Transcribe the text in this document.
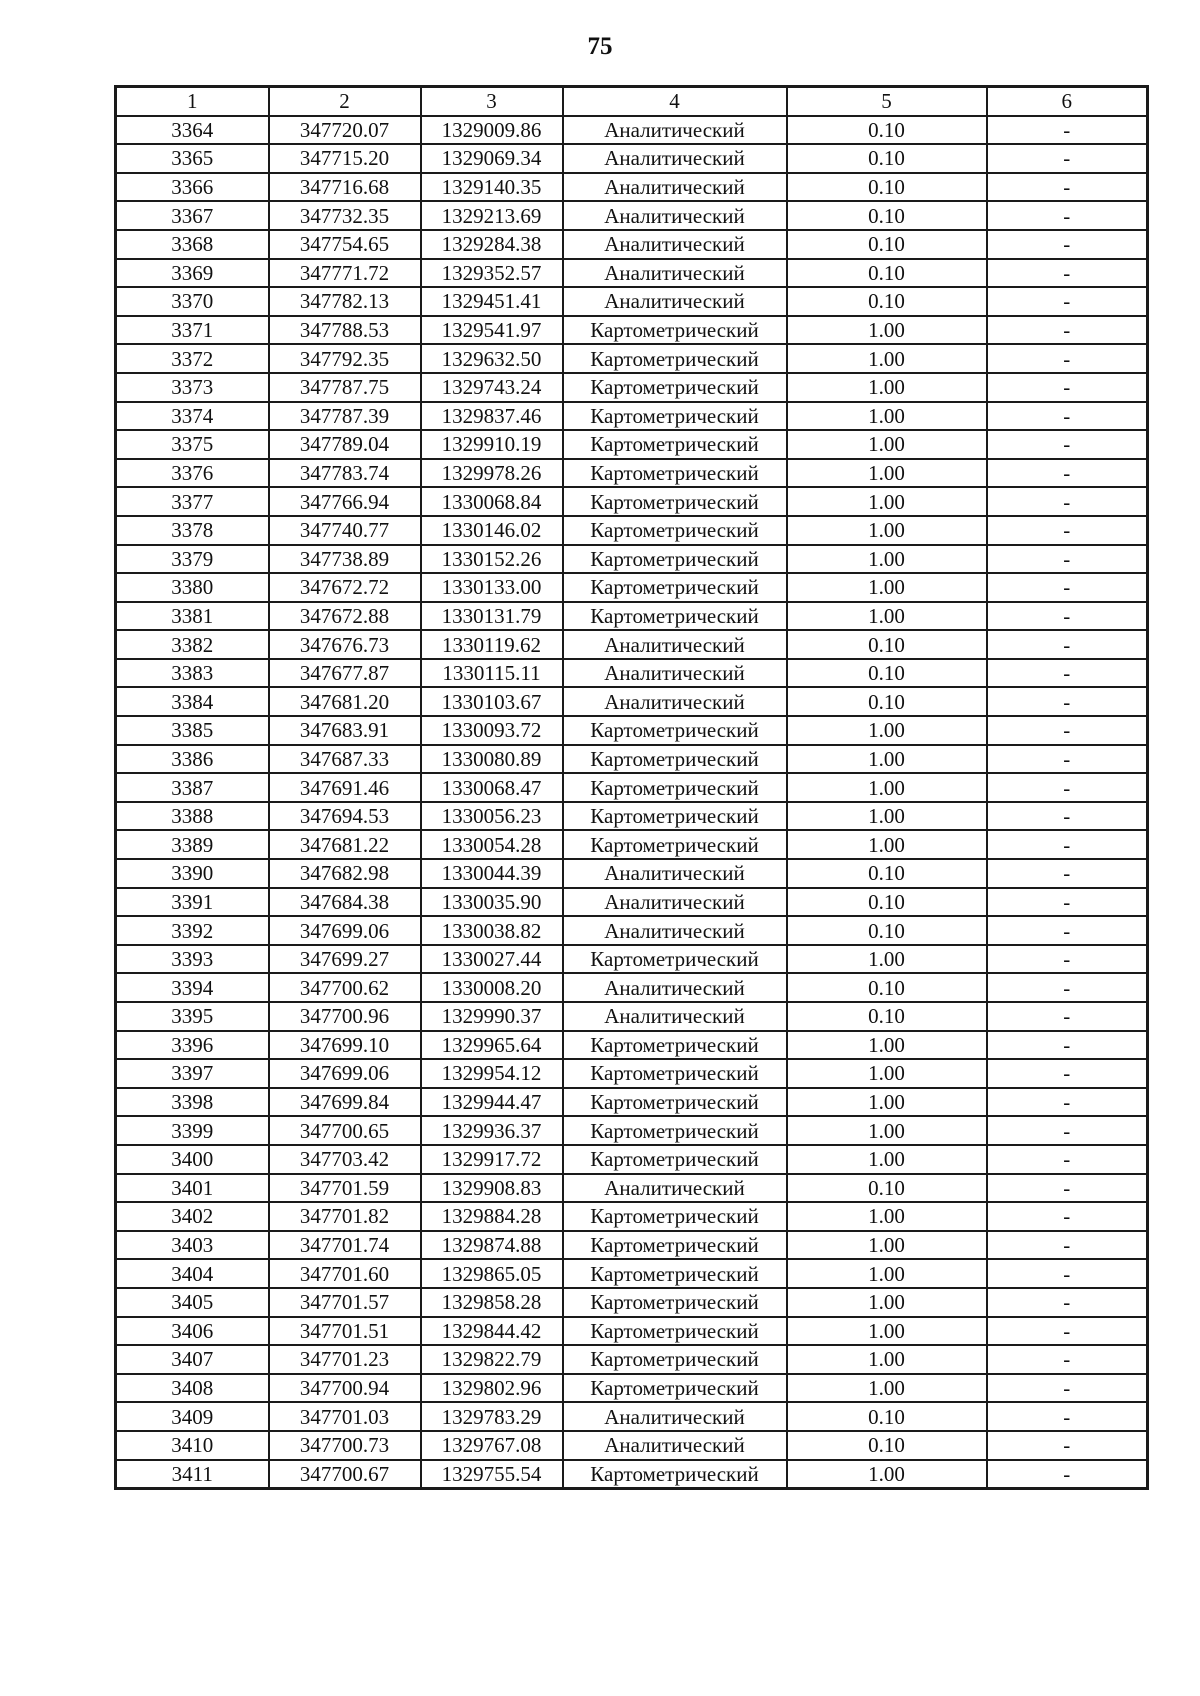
75
1	2	3	4	5	6
3364	347720.07	1329009.86	Аналитический	0.10	-
3365	347715.20	1329069.34	Аналитический	0.10	-
3366	347716.68	1329140.35	Аналитический	0.10	-
3367	347732.35	1329213.69	Аналитический	0.10	-
3368	347754.65	1329284.38	Аналитический	0.10	-
3369	347771.72	1329352.57	Аналитический	0.10	-
3370	347782.13	1329451.41	Аналитический	0.10	-
3371	347788.53	1329541.97	Картометрический	1.00	-
3372	347792.35	1329632.50	Картометрический	1.00	-
3373	347787.75	1329743.24	Картометрический	1.00	-
3374	347787.39	1329837.46	Картометрический	1.00	-
3375	347789.04	1329910.19	Картометрический	1.00	-
3376	347783.74	1329978.26	Картометрический	1.00	-
3377	347766.94	1330068.84	Картометрический	1.00	-
3378	347740.77	1330146.02	Картометрический	1.00	-
3379	347738.89	1330152.26	Картометрический	1.00	-
3380	347672.72	1330133.00	Картометрический	1.00	-
3381	347672.88	1330131.79	Картометрический	1.00	-
3382	347676.73	1330119.62	Аналитический	0.10	-
3383	347677.87	1330115.11	Аналитический	0.10	-
3384	347681.20	1330103.67	Аналитический	0.10	-
3385	347683.91	1330093.72	Картометрический	1.00	-
3386	347687.33	1330080.89	Картометрический	1.00	-
3387	347691.46	1330068.47	Картометрический	1.00	-
3388	347694.53	1330056.23	Картометрический	1.00	-
3389	347681.22	1330054.28	Картометрический	1.00	-
3390	347682.98	1330044.39	Аналитический	0.10	-
3391	347684.38	1330035.90	Аналитический	0.10	-
3392	347699.06	1330038.82	Аналитический	0.10	-
3393	347699.27	1330027.44	Картометрический	1.00	-
3394	347700.62	1330008.20	Аналитический	0.10	-
3395	347700.96	1329990.37	Аналитический	0.10	-
3396	347699.10	1329965.64	Картометрический	1.00	-
3397	347699.06	1329954.12	Картометрический	1.00	-
3398	347699.84	1329944.47	Картометрический	1.00	-
3399	347700.65	1329936.37	Картометрический	1.00	-
3400	347703.42	1329917.72	Картометрический	1.00	-
3401	347701.59	1329908.83	Аналитический	0.10	-
3402	347701.82	1329884.28	Картометрический	1.00	-
3403	347701.74	1329874.88	Картометрический	1.00	-
3404	347701.60	1329865.05	Картометрический	1.00	-
3405	347701.57	1329858.28	Картометрический	1.00	-
3406	347701.51	1329844.42	Картометрический	1.00	-
3407	347701.23	1329822.79	Картометрический	1.00	-
3408	347700.94	1329802.96	Картометрический	1.00	-
3409	347701.03	1329783.29	Аналитический	0.10	-
3410	347700.73	1329767.08	Аналитический	0.10	-
3411	347700.67	1329755.54	Картометрический	1.00	-
